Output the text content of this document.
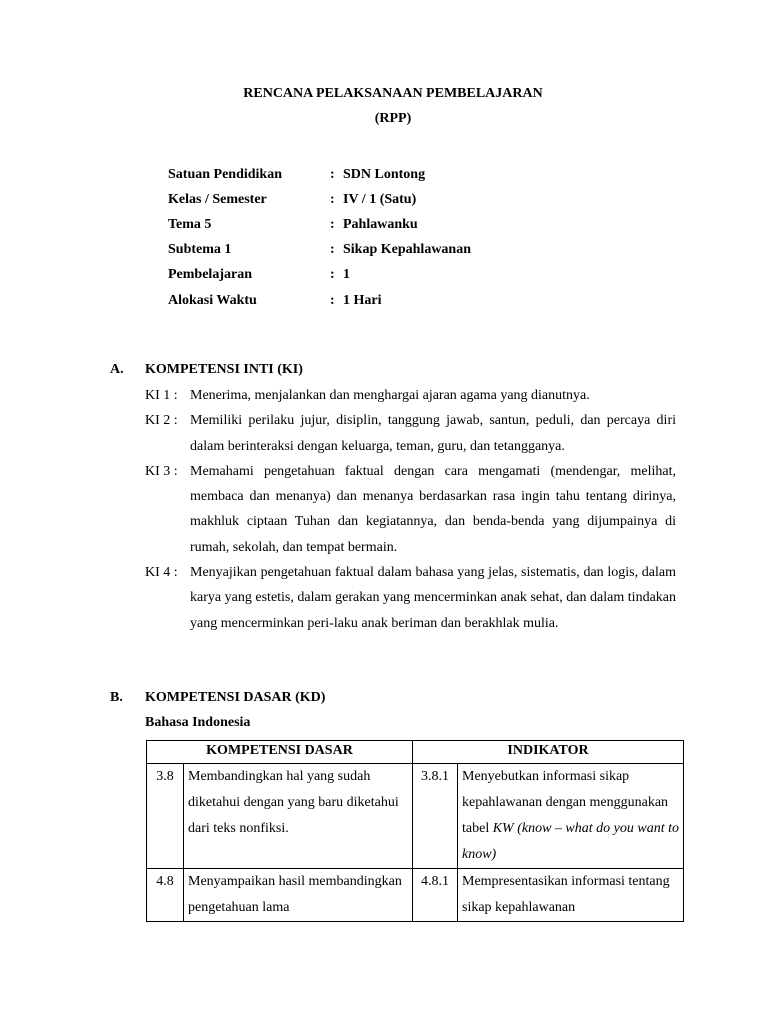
RENCANA PELAKSANAAN PEMBELAJARAN
(RPP)
Satuan Pendidikan	: SDN Lontong
Kelas / Semester	: IV / 1 (Satu)
Tema 5	: Pahlawanku
Subtema 1	: Sikap Kepahlawanan
Pembelajaran	: 1
Alokasi Waktu	: 1 Hari
A. KOMPETENSI INTI (KI)
KI 1 : Menerima, menjalankan dan menghargai ajaran agama yang dianutnya.
KI 2 : Memiliki perilaku jujur, disiplin, tanggung jawab, santun, peduli, dan percaya diri dalam berinteraksi dengan keluarga, teman, guru, dan tetangganya.
KI 3 : Memahami pengetahuan faktual dengan cara mengamati (mendengar, melihat, membaca dan menanya) dan menanya berdasarkan rasa ingin tahu tentang dirinya, makhluk ciptaan Tuhan dan kegiatannya, dan benda-benda yang dijumpainya di rumah, sekolah, dan tempat bermain.
KI 4 : Menyajikan pengetahuan faktual dalam bahasa yang jelas, sistematis, dan logis, dalam karya yang estetis, dalam gerakan yang mencerminkan anak sehat, dan dalam tindakan yang mencerminkan peri-laku anak beriman dan berakhlak mulia.
B. KOMPETENSI DASAR (KD)
Bahasa Indonesia
KOMPETENSI DASAR		INDIKATOR	
3.8	Membandingkan hal yang sudah diketahui dengan yang baru diketahui dari teks nonfiksi.	3.8.1	Menyebutkan informasi sikap kepahlawanan dengan menggunakan tabel KW (know – what do you want to know)
4.8	Menyampaikan hasil membandingkan pengetahuan lama	4.8.1	Mempresentasikan informasi tentang sikap kepahlawanan
